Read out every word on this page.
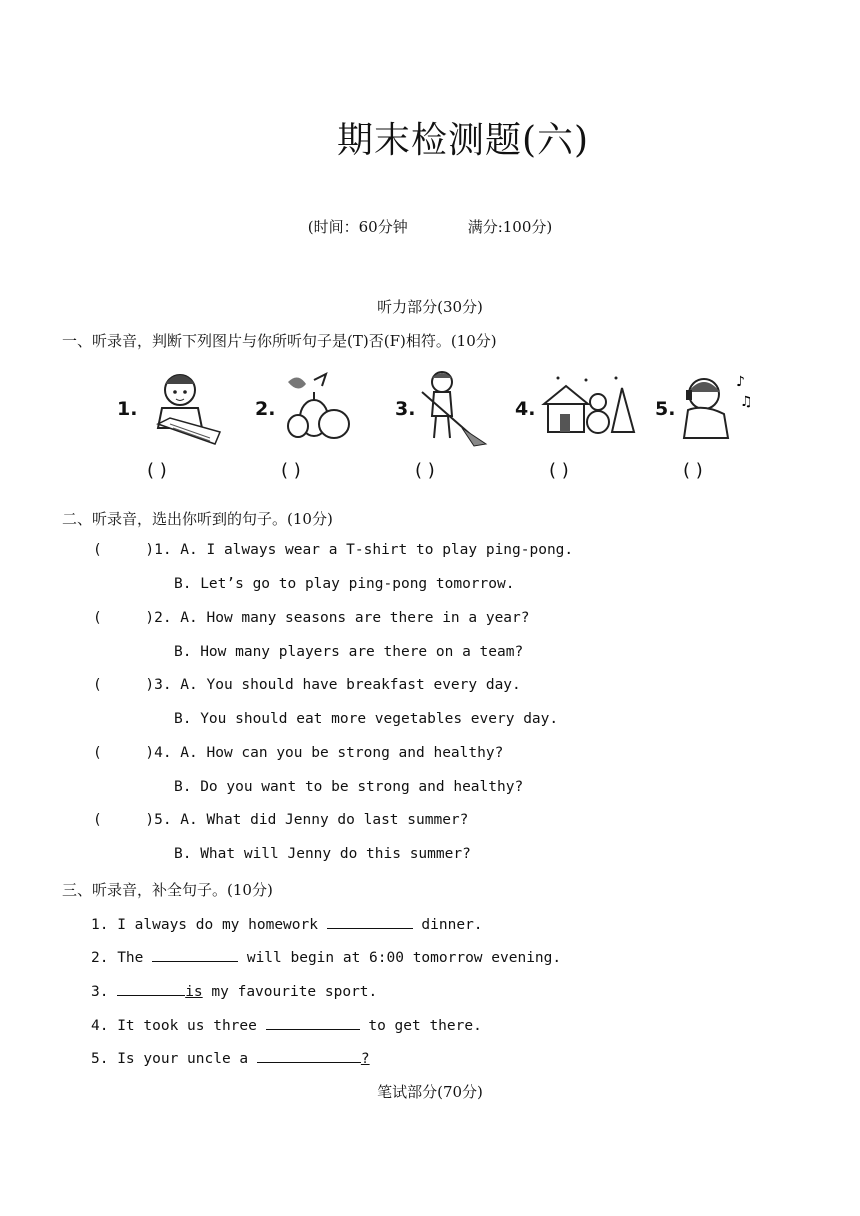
期末检测题(六)
(时间：60分钟	满分:100分)
听力部分(30分)
一、听录音，判断下列图片与你所听句子是(T)否(F)相符。(10分)
1.
( )
2.
( )
3.
( )
4.
( )
5.
♪
♫
( )
二、听录音，选出你听到的句子。(10分)
(     )1. A. I always wear a T-shirt to play ping-pong.
B. Let’s go to play ping-pong tomorrow.
(     )2. A. How many seasons are there in a year?
B. How many players are there on a team?
(     )3. A. You should have breakfast every day.
B. You should eat more vegetables every day.
(     )4. A. How can you be strong and healthy?
B. Do you want to be strong and healthy?
(     )5. A. What did Jenny do last summer?
B. What will Jenny do this summer?
三、听录音，补全句子。(10分)
1. I always do my homework	dinner.
2. The	will begin at 6:00 tomorrow evening.
3.	is my favourite sport.
4. It took us three	to get there.
5. Is your uncle a	?
笔试部分(70分)
